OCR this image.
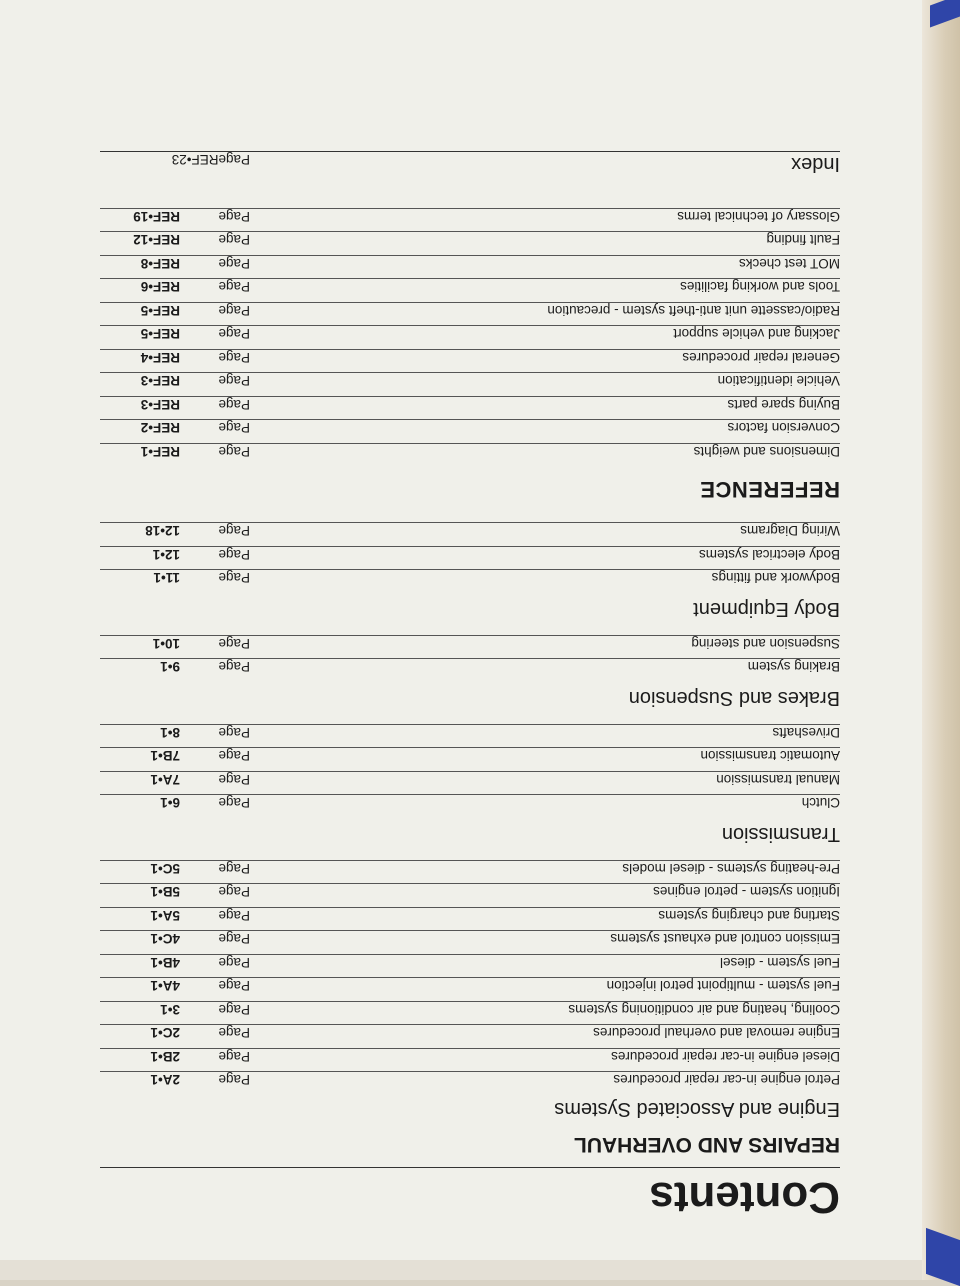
Contents
REPAIRS AND OVERHAUL
Engine and Associated Systems
Petrol engine in-car repair procedures
Page
2A•1
Diesel engine in-car repair procedures
Page
2B•1
Engine removal and overhaul procedures
Page
2C•1
Cooling, heating and air conditioning systems
Page
3•1
Fuel system - multipoint petrol injection
Page
4A•1
Fuel system - diesel
Page
4B•1
Emission control and exhaust systems
Page
4C•1
Starting and charging systems
Page
5A•1
Ignition system - petrol engines
Page
5B•1
Pre-heating systems - diesel models
Page
5C•1
Transmission
Clutch
Page
6•1
Manual transmission
Page
7A•1
Automatic transmission
Page
7B•1
Driveshafts
Page
8•1
Brakes and Suspension
Braking system
Page
9•1
Suspension and steering
Page
10•1
Body Equipment
Bodywork and fittings
Page
11•1
Body electrical systems
Page
12•1
Wiring Diagrams
Page
12•18
REFERENCE
Dimensions and weights
Page
REF•1
Conversion factors
Page
REF•2
Buying spare parts
Page
REF•3
Vehicle identification
Page
REF•3
General repair procedures
Page
REF•4
Jacking and vehicle support
Page
REF•5
Radio/cassette unit anti-theft system - precaution
Page
REF•5
Tools and working facilities
Page
REF•6
MOT test checks
Page
REF•8
Fault finding
Page
REF•12
Glossary of technical terms
Page
REF•19
Index
Page
REF•23
